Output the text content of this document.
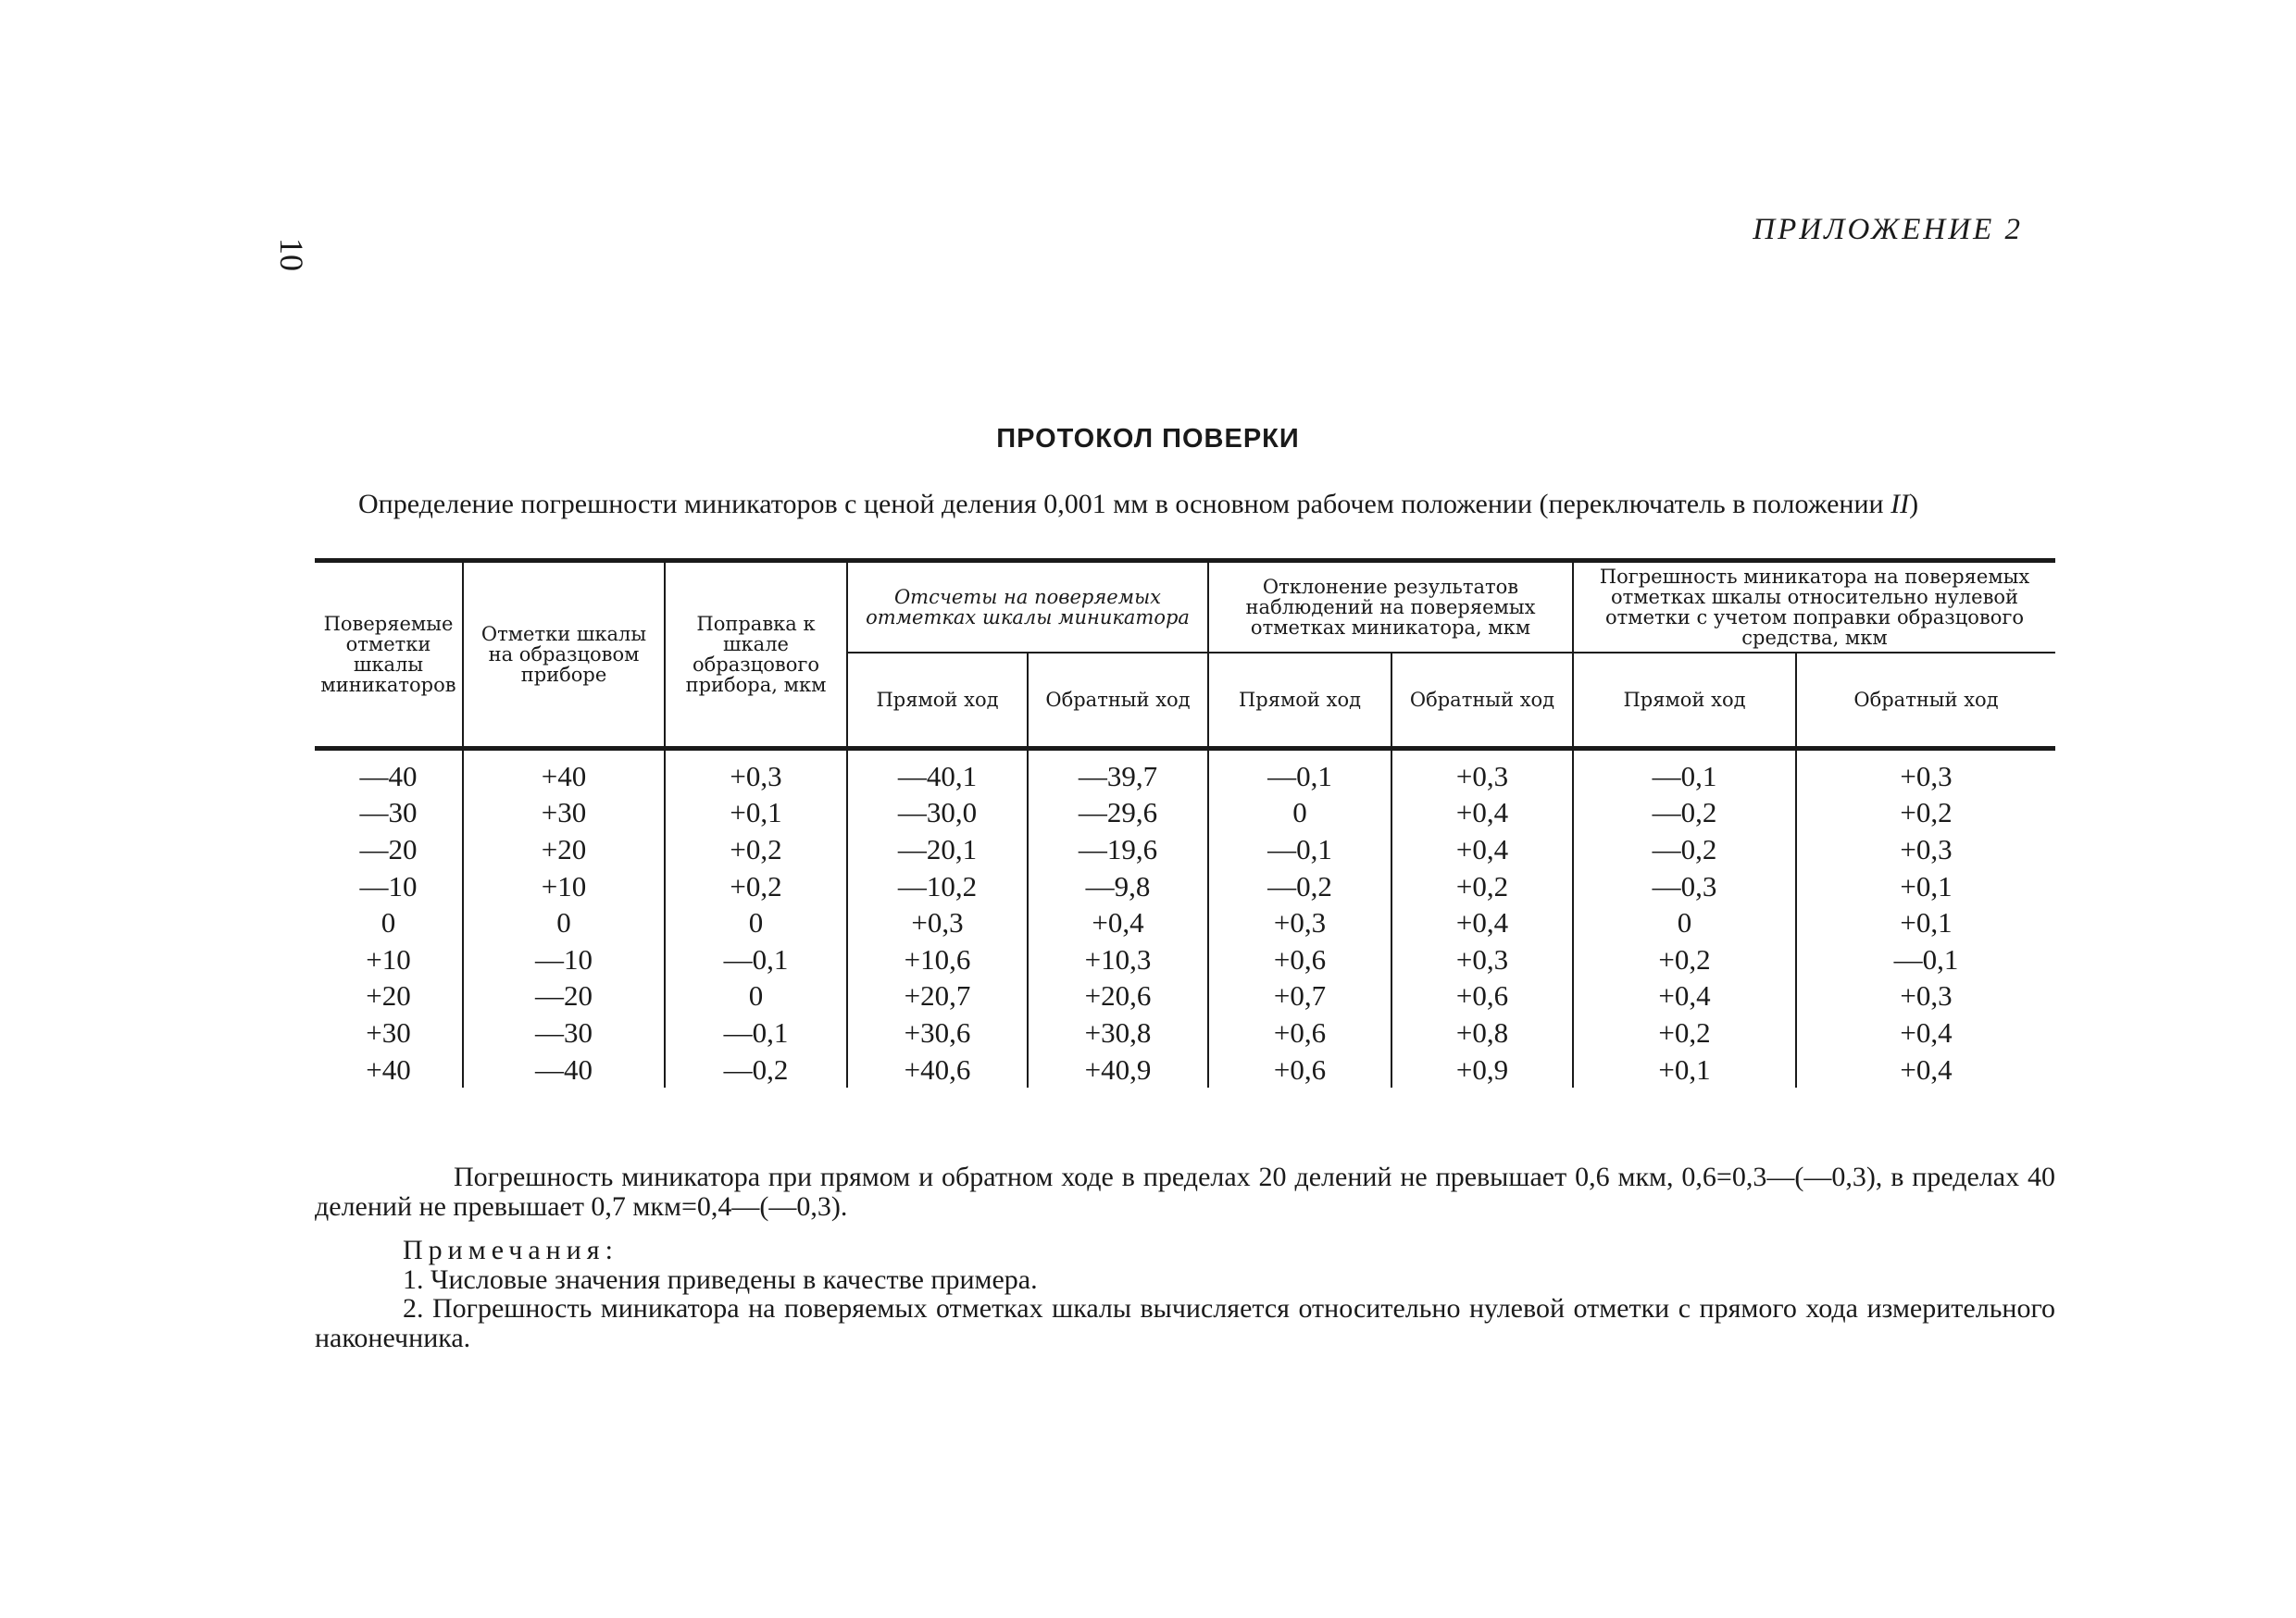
10
ПРИЛОЖЕНИЕ 2
ПРОТОКОЛ ПОВЕРКИ
Определение погрешности миникаторов с ценой деления 0,001 мм в основном рабочем положении (переключатель в положении II)
Поверяемые отметки шкалы миникаторов	Отметки шкалы на образцовом приборе	Поправка к шкале образцового прибора, мкм	Отсчеты на поверяемых отметках шкалы миникатора		Отклонение результатов наблюдений на поверяемых отметках миникатора, мкм		Погрешность миникатора на поверяемых отметках шкалы относительно нулевой отметки с учетом поправки образцового средства, мкм	
			Прямой ход	Обратный ход	Прямой ход	Обратный ход	Прямой ход	Обратный ход
—40	+40	+0,3	—40,1	—39,7	—0,1	+0,3	—0,1	+0,3
—30	+30	+0,1	—30,0	—29,6	0	+0,4	—0,2	+0,2
—20	+20	+0,2	—20,1	—19,6	—0,1	+0,4	—0,2	+0,3
—10	+10	+0,2	—10,2	—9,8	—0,2	+0,2	—0,3	+0,1
0	0	0	+0,3	+0,4	+0,3	+0,4	0	+0,1
+10	—10	—0,1	+10,6	+10,3	+0,6	+0,3	+0,2	—0,1
+20	—20	0	+20,7	+20,6	+0,7	+0,6	+0,4	+0,3
+30	—30	—0,1	+30,6	+30,8	+0,6	+0,8	+0,2	+0,4
+40	—40	—0,2	+40,6	+40,9	+0,6	+0,9	+0,1	+0,4
Погрешность миникатора при прямом и обратном ходе в пределах 20 делений не превышает 0,6 мкм, 0,6=0,3—(—0,3), в пределах 40 делений не превышает 0,7 мкм=0,4—(—0,3).
Примечания:
1. Числовые значения приведены в качестве примера.
2. Погрешность миникатора на поверяемых отметках шкалы вычисляется относительно нулевой отметки с прямого хода измерительного наконечника.
